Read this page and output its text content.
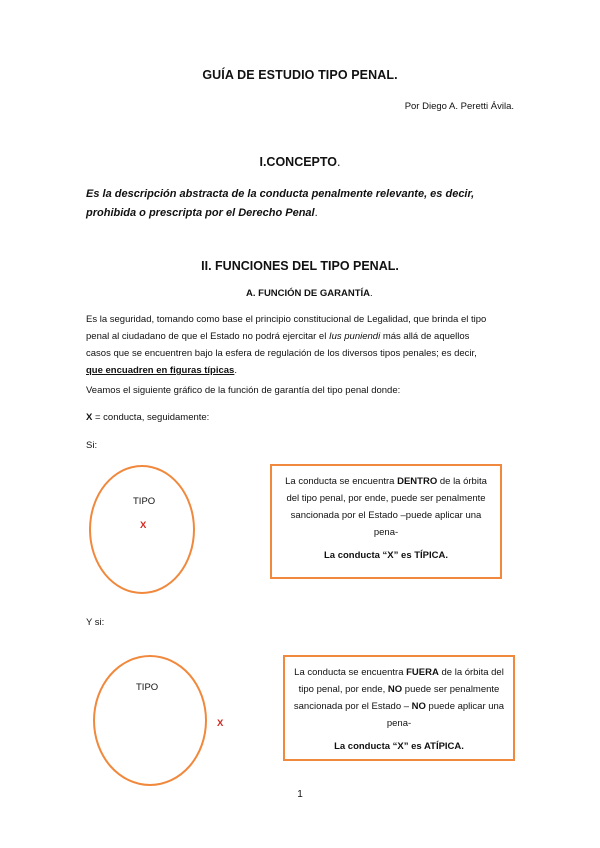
GUÍA DE ESTUDIO TIPO PENAL.
Por Diego A. Peretti Ávila.
I.CONCEPTO.
Es la descripción abstracta de la conducta penalmente relevante, es decir, prohibida o prescripta por el Derecho Penal.
II. FUNCIONES DEL TIPO PENAL.
A. FUNCIÓN DE GARANTÍA.
Es la seguridad, tomando como base el principio constitucional de Legalidad, que brinda el tipo
penal al ciudadano de que el Estado no podrá ejercitar el Ius puniendi más allá de aquellos
casos que se encuentren bajo la esfera de regulación de los diversos tipos penales; es decir,
que encuadren en figuras típicas.
Veamos el siguiente gráfico de la función de garantía del tipo penal donde:
X = conducta, seguidamente:
Si:
TIPO
X
La conducta se encuentra DENTRO de la órbita del tipo penal, por ende, puede ser penalmente sancionada por el Estado –puede aplicar una pena-
La conducta “X” es TÍPICA.
Y si:
TIPO
X
La conducta se encuentra FUERA de la órbita del tipo penal, por ende, NO puede ser penalmente sancionada por el Estado – NO puede aplicar una pena-
La conducta “X” es ATÍPICA.
1
